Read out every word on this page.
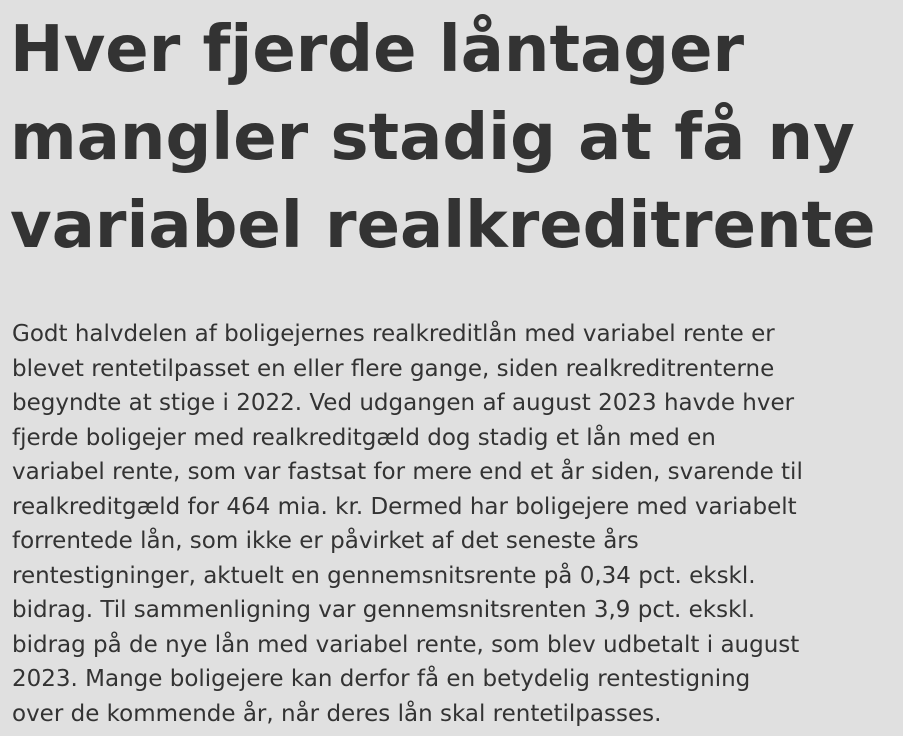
Hver fjerde låntager
mangler stadig at få ny
variabel realkreditrente

Godt halvdelen af boligejernes realkreditlån med variabel rente er
blevet rentetilpasset en eller flere gange, siden realkreditrenterne
begyndte at stige i 2022. Ved udgangen af august 2023 havde hver
fjerde boligejer med realkreditgæld dog stadig et lån med en
variabel rente, som var fastsat for mere end et år siden, svarende til
realkreditgæld for 464 mia. kr. Dermed har boligejere med variabelt
forrentede lån, som ikke er påvirket af det seneste års
rentestigninger, aktuelt en gennemsnitsrente på 0,34 pct. ekskl.
bidrag. Til sammenligning var gennemsnitsrenten 3,9 pct. ekskl.
bidrag på de nye lån med variabel rente, som blev udbetalt i august
2023. Mange boligejere kan derfor få en betydelig rentestigning
over de kommende år, når deres lån skal rentetilpasses.
